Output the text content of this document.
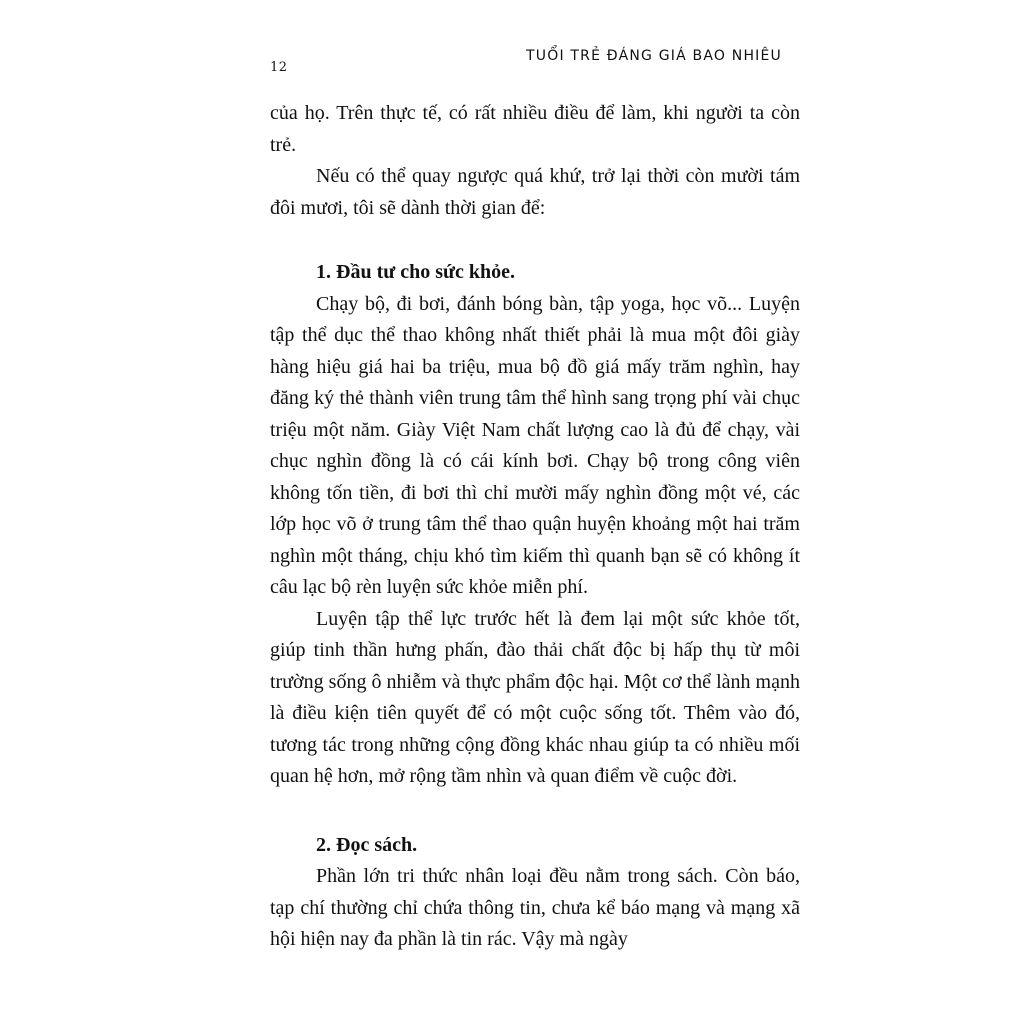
12
TUỔI TRẺ ĐÁNG GIÁ BAO NHIÊU

của họ. Trên thực tế, có rất nhiều điều để làm, khi người ta còn trẻ.

Nếu có thể quay ngược quá khứ, trở lại thời còn mười tám đôi mươi, tôi sẽ dành thời gian để:

1. Đầu tư cho sức khỏe.

Chạy bộ, đi bơi, đánh bóng bàn, tập yoga, học võ... Luyện tập thể dục thể thao không nhất thiết phải là mua một đôi giày hàng hiệu giá hai ba triệu, mua bộ đồ giá mấy trăm nghìn, hay đăng ký thẻ thành viên trung tâm thể hình sang trọng phí vài chục triệu một năm. Giày Việt Nam chất lượng cao là đủ để chạy, vài chục nghìn đồng là có cái kính bơi. Chạy bộ trong công viên không tốn tiền, đi bơi thì chỉ mười mấy nghìn đồng một vé, các lớp học võ ở trung tâm thể thao quận huyện khoảng một hai trăm nghìn một tháng, chịu khó tìm kiếm thì quanh bạn sẽ có không ít câu lạc bộ rèn luyện sức khỏe miễn phí.

Luyện tập thể lực trước hết là đem lại một sức khỏe tốt, giúp tinh thần hưng phấn, đào thải chất độc bị hấp thụ từ môi trường sống ô nhiễm và thực phẩm độc hại. Một cơ thể lành mạnh là điều kiện tiên quyết để có một cuộc sống tốt. Thêm vào đó, tương tác trong những cộng đồng khác nhau giúp ta có nhiều mối quan hệ hơn, mở rộng tầm nhìn và quan điểm về cuộc đời.

2. Đọc sách.

Phần lớn tri thức nhân loại đều nằm trong sách. Còn báo, tạp chí thường chỉ chứa thông tin, chưa kể báo mạng và mạng xã hội hiện nay đa phần là tin rác. Vậy mà ngày
